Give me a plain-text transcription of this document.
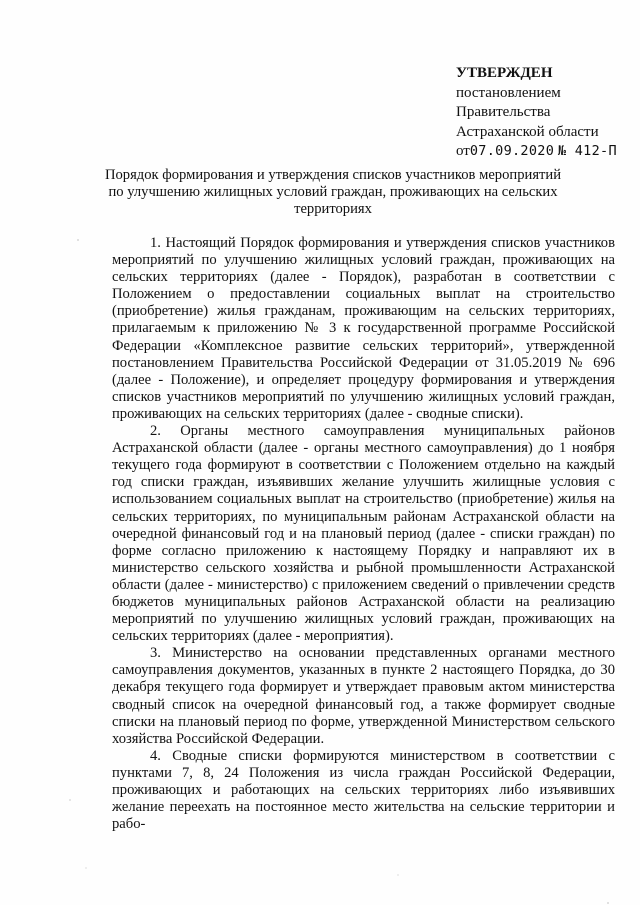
УТВЕРЖДЕН
постановлением
Правительства
Астраханской области
от07.09.2020 № 412-П
Порядок формирования и утверждения списков участников мероприятий по улучшению жилищных условий граждан, проживающих на сельских территориях

1. Настоящий Порядок формирования и утверждения списков участников мероприятий по улучшению жилищных условий граждан, проживающих на сельских территориях (далее - Порядок), разработан в соответствии с Положением о предоставлении социальных выплат на строительство (приобретение) жилья гражданам, проживающим на сельских территориях, прилагаемым к приложению № 3 к государственной программе Российской Федерации «Комплексное развитие сельских территорий», утвержденной постановлением Правительства Российской Федерации от 31.05.2019 № 696 (далее - Положение), и определяет процедуру формирования и утверждения списков участников мероприятий по улучшению жилищных условий граждан, проживающих на сельских территориях (далее - сводные списки).

2. Органы местного самоуправления муниципальных районов Астраханской области (далее - органы местного самоуправления) до 1 ноября текущего года формируют в соответствии с Положением отдельно на каждый год списки граждан, изъявивших желание улучшить жилищные условия с использованием социальных выплат на строительство (приобретение) жилья на сельских территориях, по муниципальным районам Астраханской области на очередной финансовый год и на плановый период (далее - списки граждан) по форме согласно приложению к настоящему Порядку и направляют их в министерство сельского хозяйства и рыбной промышленности Астраханской области (далее - министерство) с приложением сведений о привлечении средств бюджетов муниципальных районов Астраханской области на реализацию мероприятий по улучшению жилищных условий граждан, проживающих на сельских территориях (далее - мероприятия).

3. Министерство на основании представленных органами местного самоуправления документов, указанных в пункте 2 настоящего Порядка, до 30 декабря текущего года формирует и утверждает правовым актом министерства сводный список на очередной финансовый год, а также формирует сводные списки на плановый период по форме, утвержденной Министерством сельского хозяйства Российской Федерации.

4. Сводные списки формируются министерством в соответствии с пунктами 7, 8, 24 Положения из числа граждан Российской Федерации, проживающих и работающих на сельских территориях либо изъявивших желание переехать на постоянное место жительства на сельские территории и рабо-
